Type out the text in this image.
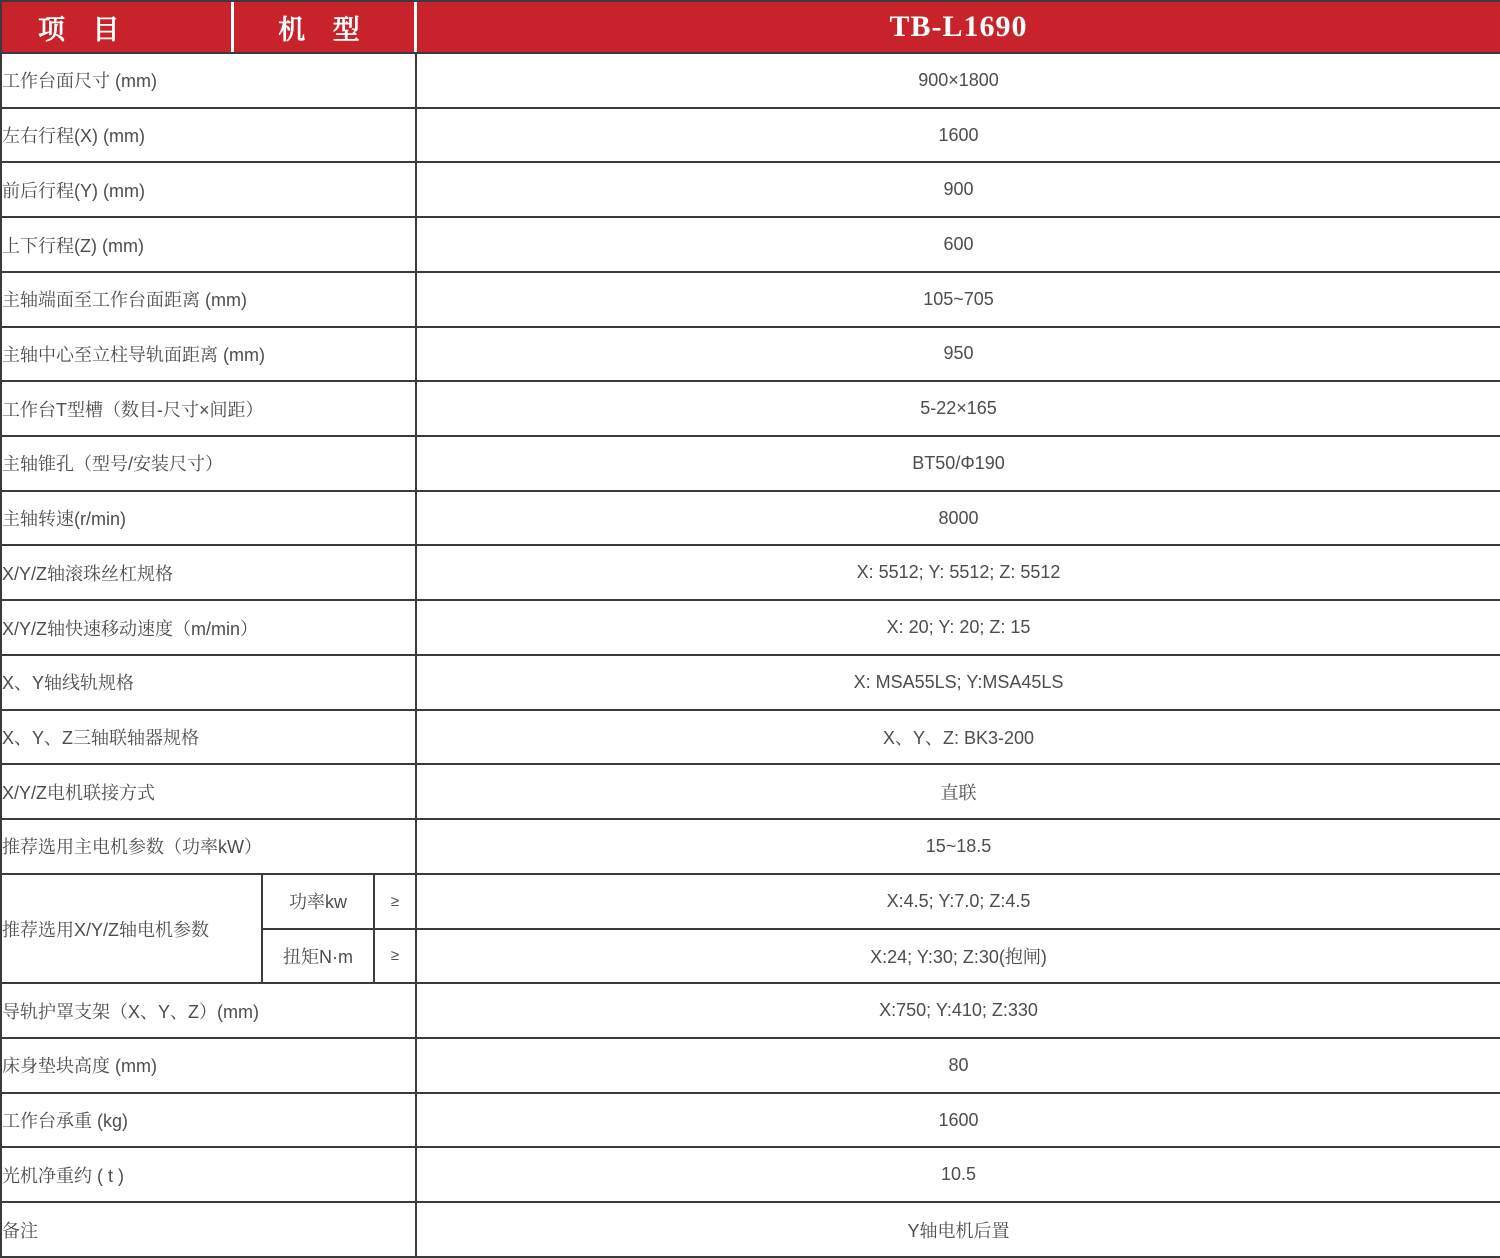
项 目 机 型 TB-L1690			

工作台面尺寸 (mm)			900×1800
左右行程(X) (mm)			1600
前后行程(Y) (mm)			900
上下行程(Z) (mm)			600
主轴端面至工作台面距离 (mm)			105~705
主轴中心至立柱导轨面距离 (mm)			950
工作台T型槽（数目-尺寸×间距）			5-22×165
主轴锥孔（型号/安装尺寸）			BT50/Φ190
主轴转速(r/min)			8000
X/Y/Z轴滚珠丝杠规格			X: 5512; Y: 5512; Z: 5512
X/Y/Z轴快速移动速度（m/min）			X: 20; Y: 20; Z: 15
X、Y轴线轨规格			X: MSA55LS; Y:MSA45LS
X、Y、Z三轴联轴器规格			X、Y、Z: BK3-200
X/Y/Z电机联接方式			直联
推荐选用主电机参数（功率kW）			15~18.5
推荐选用X/Y/Z轴电机参数	功率kw	≥	X:4.5; Y:7.0; Z:4.5
	扭矩N·m	≥	X:24; Y:30; Z:30(抱闸)
导轨护罩支架（X、Y、Z）(mm)			X:750; Y:410; Z:330
床身垫块高度 (mm)			80
工作台承重 (kg)			1600
光机净重约 ( t )			10.5
备注			Y轴电机后置
